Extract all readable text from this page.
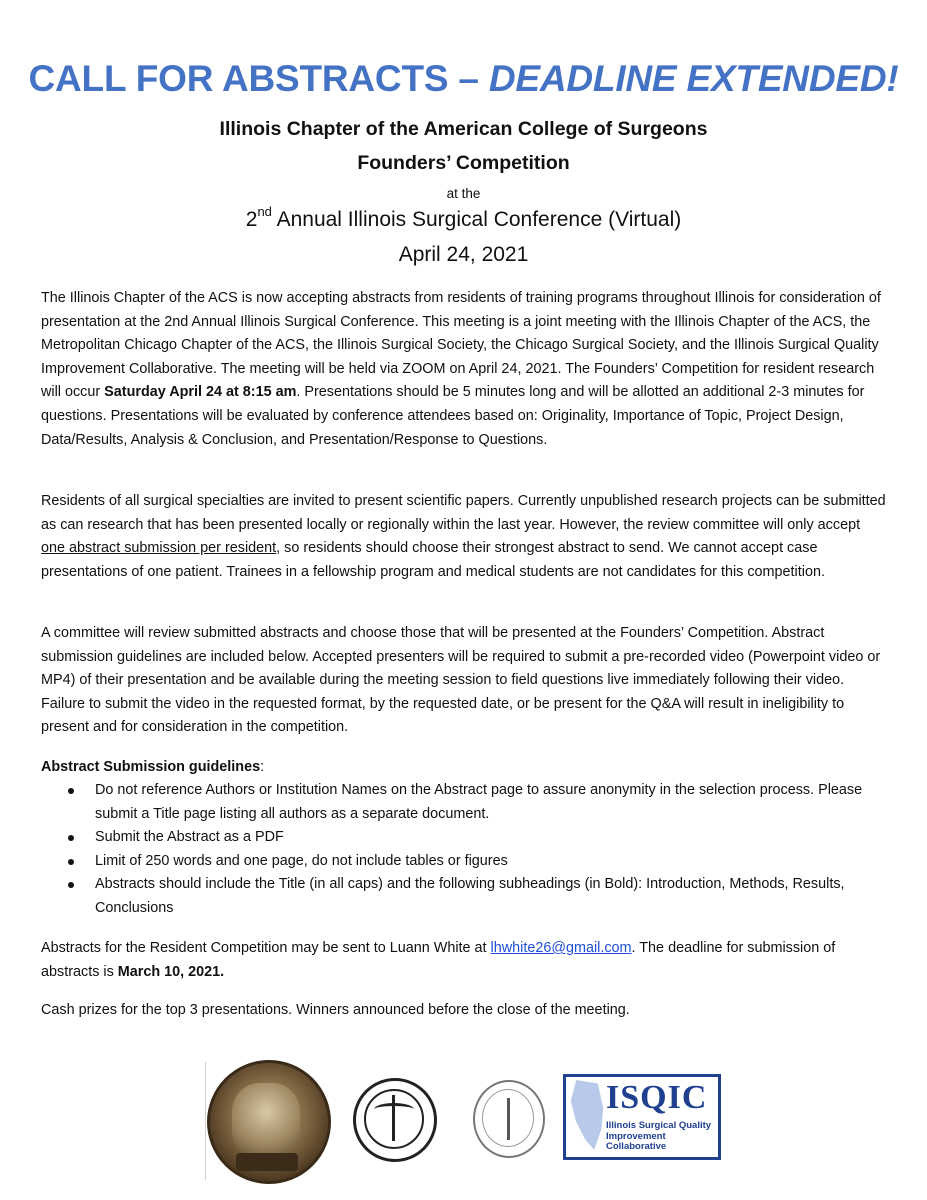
CALL FOR ABSTRACTS – DEADLINE EXTENDED!
Illinois Chapter of the American College of Surgeons
Founders’ Competition
at the
2nd Annual Illinois Surgical Conference (Virtual)
April 24, 2021

The Illinois Chapter of the ACS is now accepting abstracts from residents of training programs throughout Illinois for consideration of presentation at the 2nd Annual Illinois Surgical Conference. This meeting is a joint meeting with the Illinois Chapter of the ACS, the Metropolitan Chicago Chapter of the ACS, the Illinois Surgical Society, the Chicago Surgical Society, and the Illinois Surgical Quality Improvement Collaborative. The meeting will be held via ZOOM on April 24, 2021. The Founders’ Competition for resident research will occur Saturday April 24 at 8:15 am. Presentations should be 5 minutes long and will be allotted an additional 2-3 minutes for questions. Presentations will be evaluated by conference attendees based on: Originality, Importance of Topic, Project Design, Data/Results, Analysis & Conclusion, and Presentation/Response to Questions.

Residents of all surgical specialties are invited to present scientific papers. Currently unpublished research projects can be submitted as can research that has been presented locally or regionally within the last year. However, the review committee will only accept one abstract submission per resident, so residents should choose their strongest abstract to send. We cannot accept case presentations of one patient. Trainees in a fellowship program and medical students are not candidates for this competition.

A committee will review submitted abstracts and choose those that will be presented at the Founders’ Competition. Abstract submission guidelines are included below. Accepted presenters will be required to submit a pre-recorded video (Powerpoint video or MP4) of their presentation and be available during the meeting session to field questions live immediately following their video. Failure to submit the video in the requested format, by the requested date, or be present for the Q&A will result in ineligibility to present and for consideration in the competition.

Abstract Submission guidelines:
Do not reference Authors or Institution Names on the Abstract page to assure anonymity in the selection process. Please submit a Title page listing all authors as a separate document.
Submit the Abstract as a PDF
Limit of 250 words and one page, do not include tables or figures
Abstracts should include the Title (in all caps) and the following subheadings (in Bold): Introduction, Methods, Results, Conclusions

Abstracts for the Resident Competition may be sent to Luann White at lhwhite26@gmail.com. The deadline for submission of abstracts is March 10, 2021.

Cash prizes for the top 3 presentations. Winners announced before the close of the meeting.

ISQIC
Illinois Surgical Quality Improvement Collaborative
